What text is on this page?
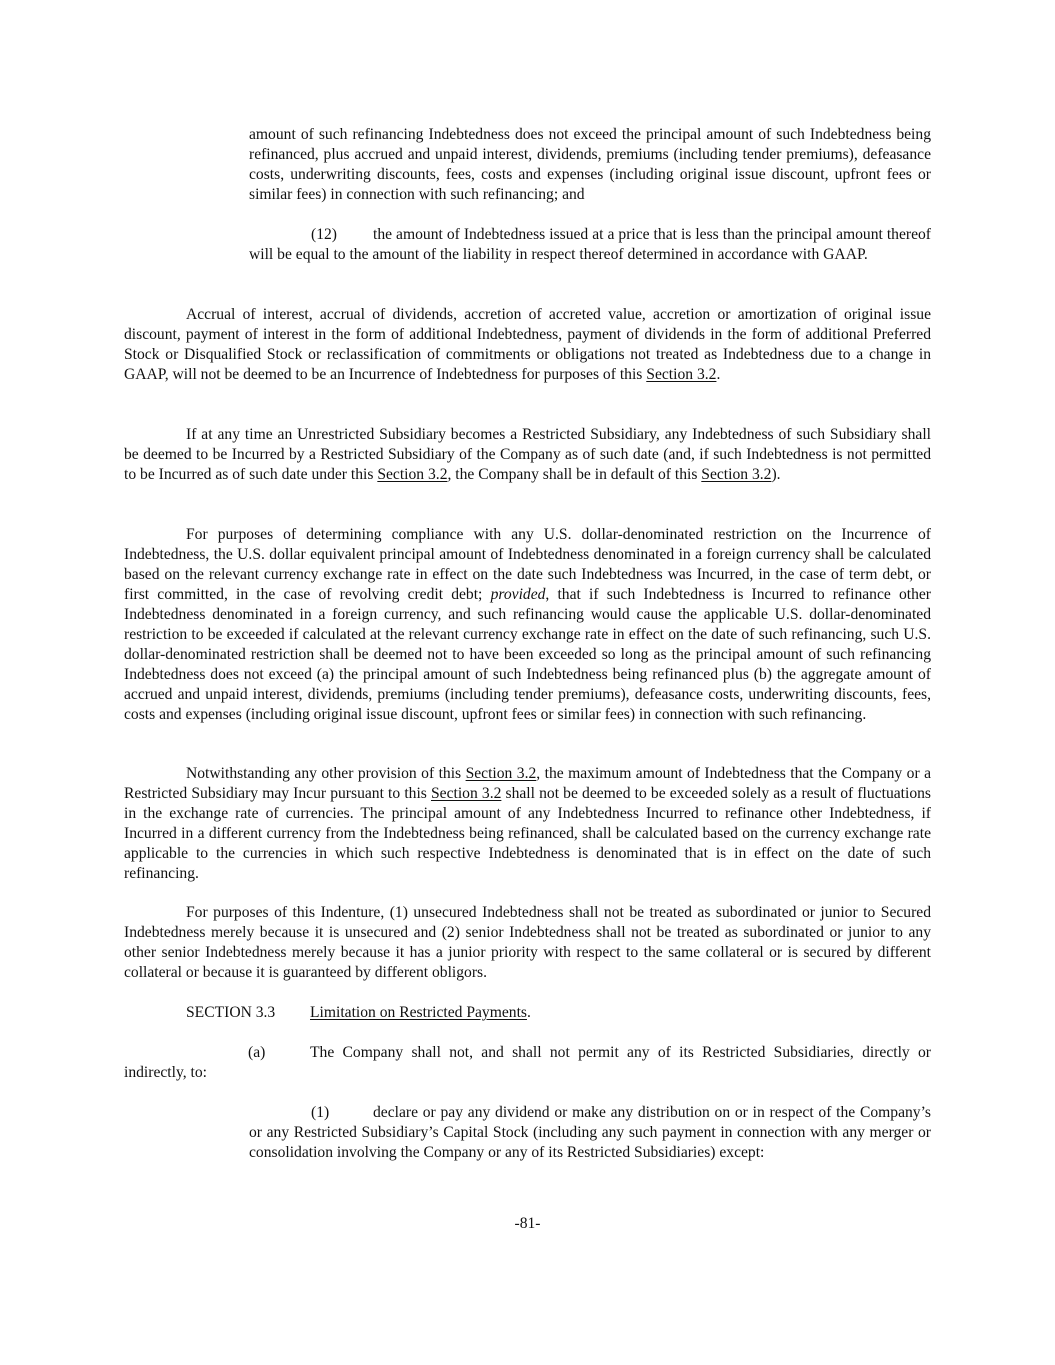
amount of such refinancing Indebtedness does not exceed the principal amount of such Indebtedness being refinanced, plus accrued and unpaid interest, dividends, premiums (including tender premiums), defeasance costs, underwriting discounts, fees, costs and expenses (including original issue discount, upfront fees or similar fees) in connection with such refinancing; and

(12) the amount of Indebtedness issued at a price that is less than the principal amount thereof will be equal to the amount of the liability in respect thereof determined in accordance with GAAP.

Accrual of interest, accrual of dividends, accretion of accreted value, accretion or amortization of original issue discount, payment of interest in the form of additional Indebtedness, payment of dividends in the form of additional Preferred Stock or Disqualified Stock or reclassification of commitments or obligations not treated as Indebtedness due to a change in GAAP, will not be deemed to be an Incurrence of Indebtedness for purposes of this Section 3.2.

If at any time an Unrestricted Subsidiary becomes a Restricted Subsidiary, any Indebtedness of such Subsidiary shall be deemed to be Incurred by a Restricted Subsidiary of the Company as of such date (and, if such Indebtedness is not permitted to be Incurred as of such date under this Section 3.2, the Company shall be in default of this Section 3.2).

For purposes of determining compliance with any U.S. dollar-denominated restriction on the Incurrence of Indebtedness, the U.S. dollar equivalent principal amount of Indebtedness denominated in a foreign currency shall be calculated based on the relevant currency exchange rate in effect on the date such Indebtedness was Incurred, in the case of term debt, or first committed, in the case of revolving credit debt; provided, that if such Indebtedness is Incurred to refinance other Indebtedness denominated in a foreign currency, and such refinancing would cause the applicable U.S. dollar-denominated restriction to be exceeded if calculated at the relevant currency exchange rate in effect on the date of such refinancing, such U.S. dollar-denominated restriction shall be deemed not to have been exceeded so long as the principal amount of such refinancing Indebtedness does not exceed (a) the principal amount of such Indebtedness being refinanced plus (b) the aggregate amount of accrued and unpaid interest, dividends, premiums (including tender premiums), defeasance costs, underwriting discounts, fees, costs and expenses (including original issue discount, upfront fees or similar fees) in connection with such refinancing.

Notwithstanding any other provision of this Section 3.2, the maximum amount of Indebtedness that the Company or a Restricted Subsidiary may Incur pursuant to this Section 3.2 shall not be deemed to be exceeded solely as a result of fluctuations in the exchange rate of currencies. The principal amount of any Indebtedness Incurred to refinance other Indebtedness, if Incurred in a different currency from the Indebtedness being refinanced, shall be calculated based on the currency exchange rate applicable to the currencies in which such respective Indebtedness is denominated that is in effect on the date of such refinancing.

For purposes of this Indenture, (1) unsecured Indebtedness shall not be treated as subordinated or junior to Secured Indebtedness merely because it is unsecured and (2) senior Indebtedness shall not be treated as subordinated or junior to any other senior Indebtedness merely because it has a junior priority with respect to the same collateral or is secured by different collateral or because it is guaranteed by different obligors.

SECTION 3.3 Limitation on Restricted Payments.

(a)	The Company shall not, and shall not permit any of its Restricted Subsidiaries, directly or indirectly, to:

(1)	declare or pay any dividend or make any distribution on or in respect of the Company’s or any Restricted Subsidiary’s Capital Stock (including any such payment in connection with any merger or consolidation involving the Company or any of its Restricted Subsidiaries) except:

-81-
